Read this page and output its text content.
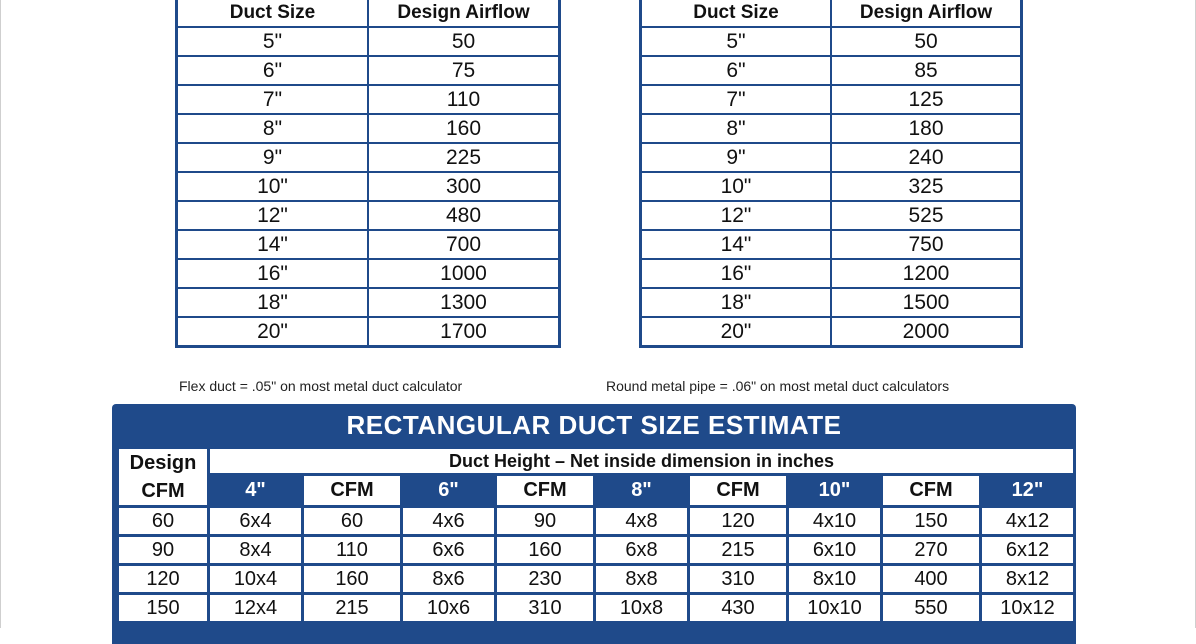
Duct Size	Design Airflow
5"	50
6"	75
7"	110
8"	160
9"	225
10"	300
12"	480
14"	700
16"	1000
18"	1300
20"	1700
Flex duct = .05" on most metal duct calculator
Duct Size	Design Airflow
5"	50
6"	85
7"	125
8"	180
9"	240
10"	325
12"	525
14"	750
16"	1200
18"	1500
20"	2000
Round metal pipe = .06" on most metal duct calculators
RECTANGULAR DUCT SIZE ESTIMATE
Design
CFM	Duct Height – Net inside dimension in inches								
	4"	CFM	6"	CFM	8"	CFM	10"	CFM	12"
60	6x4	60	4x6	90	4x8	120	4x10	150	4x12
90	8x4	110	6x6	160	6x8	215	6x10	270	6x12
120	10x4	160	8x6	230	8x8	310	8x10	400	8x12
150	12x4	215	10x6	310	10x8	430	10x10	550	10x12
